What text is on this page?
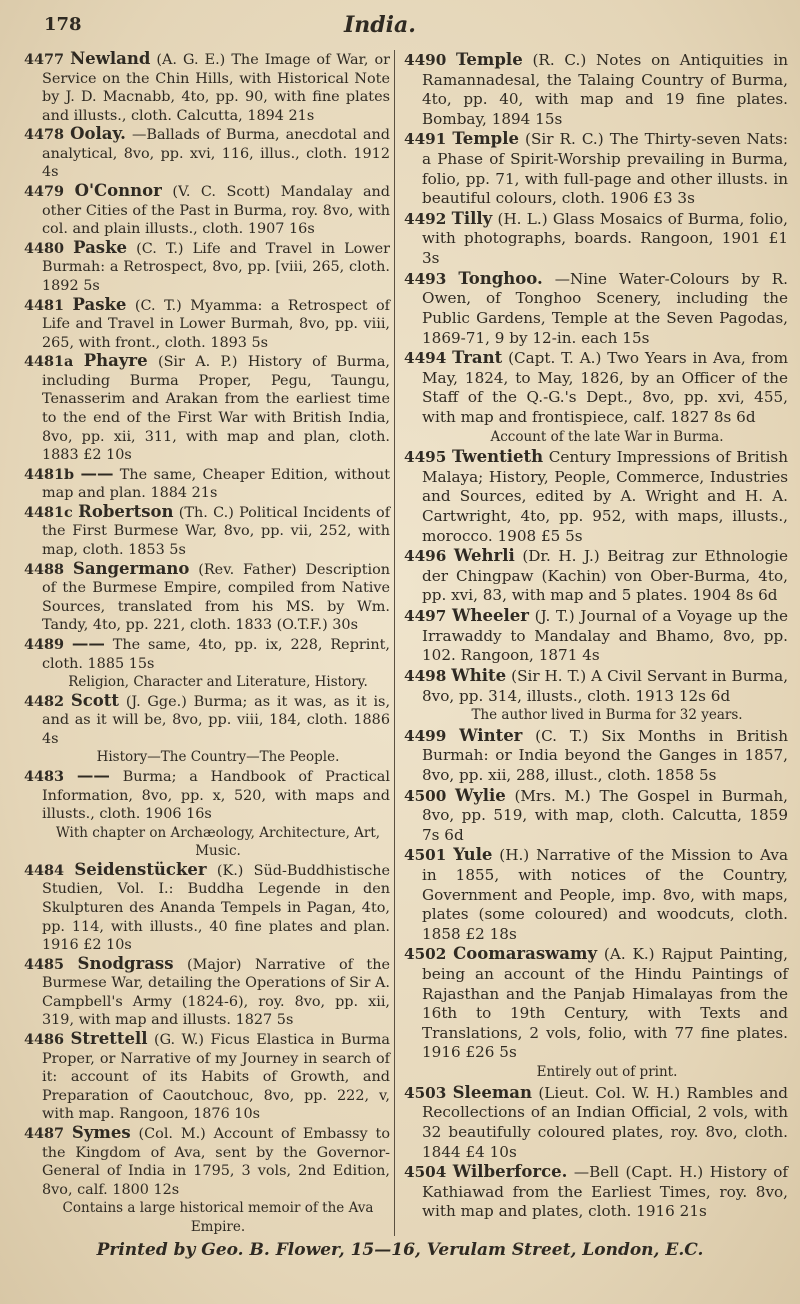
178	India.
4477 Newland (A. G. E.) The Image of War, or Service on the Chin Hills, with Historical Note by J. D. Macnabb, 4to, pp. 90, with fine plates and illusts., cloth. Calcutta, 1894 21s
4478 Oolay. —Ballads of Burma, anecdotal and analytical, 8vo, pp. xvi, 116, illus., cloth. 1912 4s
4479 O'Connor (V. C. Scott) Mandalay and other Cities of the Past in Burma, roy. 8vo, with col. and plain illusts., cloth. 1907 16s
4480 Paske (C. T.) Life and Travel in Lower Burmah: a Retrospect, 8vo, pp. [viii, 265, cloth. 1892 5s
4481 Paske (C. T.) Myamma: a Retrospect of Life and Travel in Lower Burmah, 8vo, pp. viii, 265, with front., cloth. 1893 5s
4481a Phayre (Sir A. P.) History of Burma, including Burma Proper, Pegu, Taungu, Tenasserim and Arakan from the earliest time to the end of the First War with British India, 8vo, pp. xii, 311, with map and plan, cloth. 1883 £2 10s
4481b —— The same, Cheaper Edition, without map and plan. 1884 21s
4481c Robertson (Th. C.) Political Incidents of the First Burmese War, 8vo, pp. vii, 252, with map, cloth. 1853 5s
4488 Sangermano (Rev. Father) Description of the Burmese Empire, compiled from Native Sources, translated from his MS. by Wm. Tandy, 4to, pp. 221, cloth. 1833 (O.T.F.) 30s
4489 —— The same, 4to, pp. ix, 228, Reprint, cloth. 1885 15s
Religion, Character and Literature, History.
4482 Scott (J. Gge.) Burma; as it was, as it is, and as it will be, 8vo, pp. viii, 184, cloth. 1886 4s
History—The Country—The People.
4483 —— Burma; a Handbook of Practical Information, 8vo, pp. x, 520, with maps and illusts., cloth. 1906 16s
With chapter on Archæology, Architecture, Art, Music.
4484 Seidenstücker (K.) Süd-Buddhistische Studien, Vol. I.: Buddha Legende in den Skulpturen des Ananda Tempels in Pagan, 4to, pp. 114, with illusts., 40 fine plates and plan. 1916 £2 10s
4485 Snodgrass (Major) Narrative of the Burmese War, detailing the Operations of Sir A. Campbell's Army (1824-6), roy. 8vo, pp. xii, 319, with map and illusts. 1827 5s
4486 Strettell (G. W.) Ficus Elastica in Burma Proper, or Narrative of my Journey in search of it: account of its Habits of Growth, and Preparation of Caoutchouc, 8vo, pp. 222, v, with map. Rangoon, 1876 10s
4487 Symes (Col. M.) Account of Embassy to the Kingdom of Ava, sent by the Governor-General of India in 1795, 3 vols, 2nd Edition, 8vo, calf. 1800 12s
Contains a large historical memoir of the Ava Empire.
4490 Temple (R. C.) Notes on Antiquities in Ramannadesal, the Talaing Country of Burma, 4to, pp. 40, with map and 19 fine plates. Bombay, 1894 15s
4491 Temple (Sir R. C.) The Thirty-seven Nats: a Phase of Spirit-Worship prevailing in Burma, folio, pp. 71, with full-page and other illusts. in beautiful colours, cloth. 1906 £3 3s
4492 Tilly (H. L.) Glass Mosaics of Burma, folio, with photographs, boards. Rangoon, 1901 £1 3s
4493 Tonghoo. —Nine Water-Colours by R. Owen, of Tonghoo Scenery, including the Public Gardens, Temple at the Seven Pagodas, 1869-71, 9 by 12-in. each 15s
4494 Trant (Capt. T. A.) Two Years in Ava, from May, 1824, to May, 1826, by an Officer of the Staff of the Q.-G.'s Dept., 8vo, pp. xvi, 455, with map and frontispiece, calf. 1827 8s 6d
Account of the late War in Burma.
4495 Twentieth Century Impressions of British Malaya; History, People, Commerce, Industries and Sources, edited by A. Wright and H. A. Cartwright, 4to, pp. 952, with maps, illusts., morocco. 1908 £5 5s
4496 Wehrli (Dr. H. J.) Beitrag zur Ethnologie der Chingpaw (Kachin) von Ober-Burma, 4to, pp. xvi, 83, with map and 5 plates. 1904 8s 6d
4497 Wheeler (J. T.) Journal of a Voyage up the Irrawaddy to Mandalay and Bhamo, 8vo, pp. 102. Rangoon, 1871 4s
4498 White (Sir H. T.) A Civil Servant in Burma, 8vo, pp. 314, illusts., cloth. 1913 12s 6d
The author lived in Burma for 32 years.
4499 Winter (C. T.) Six Months in British Burmah: or India beyond the Ganges in 1857, 8vo, pp. xii, 288, illust., cloth. 1858 5s
4500 Wylie (Mrs. M.) The Gospel in Burmah, 8vo, pp. 519, with map, cloth. Calcutta, 1859 7s 6d
4501 Yule (H.) Narrative of the Mission to Ava in 1855, with notices of the Country, Government and People, imp. 8vo, with maps, plates (some coloured) and woodcuts, cloth. 1858 £2 18s
4502 Coomaraswamy (A. K.) Rajput Painting, being an account of the Hindu Paintings of Rajasthan and the Panjab Himalayas from the 16th to 19th Century, with Texts and Translations, 2 vols, folio, with 77 fine plates. 1916 £26 5s
Entirely out of print.
4503 Sleeman (Lieut. Col. W. H.) Rambles and Recollections of an Indian Official, 2 vols, with 32 beautifully coloured plates, roy. 8vo, cloth. 1844 £4 10s
4504 Wilberforce. —Bell (Capt. H.) History of Kathiawad from the Earliest Times, roy. 8vo, with map and plates, cloth. 1916 21s
Printed by Geo. B. Flower, 15—16, Verulam Street, London, E.C.
